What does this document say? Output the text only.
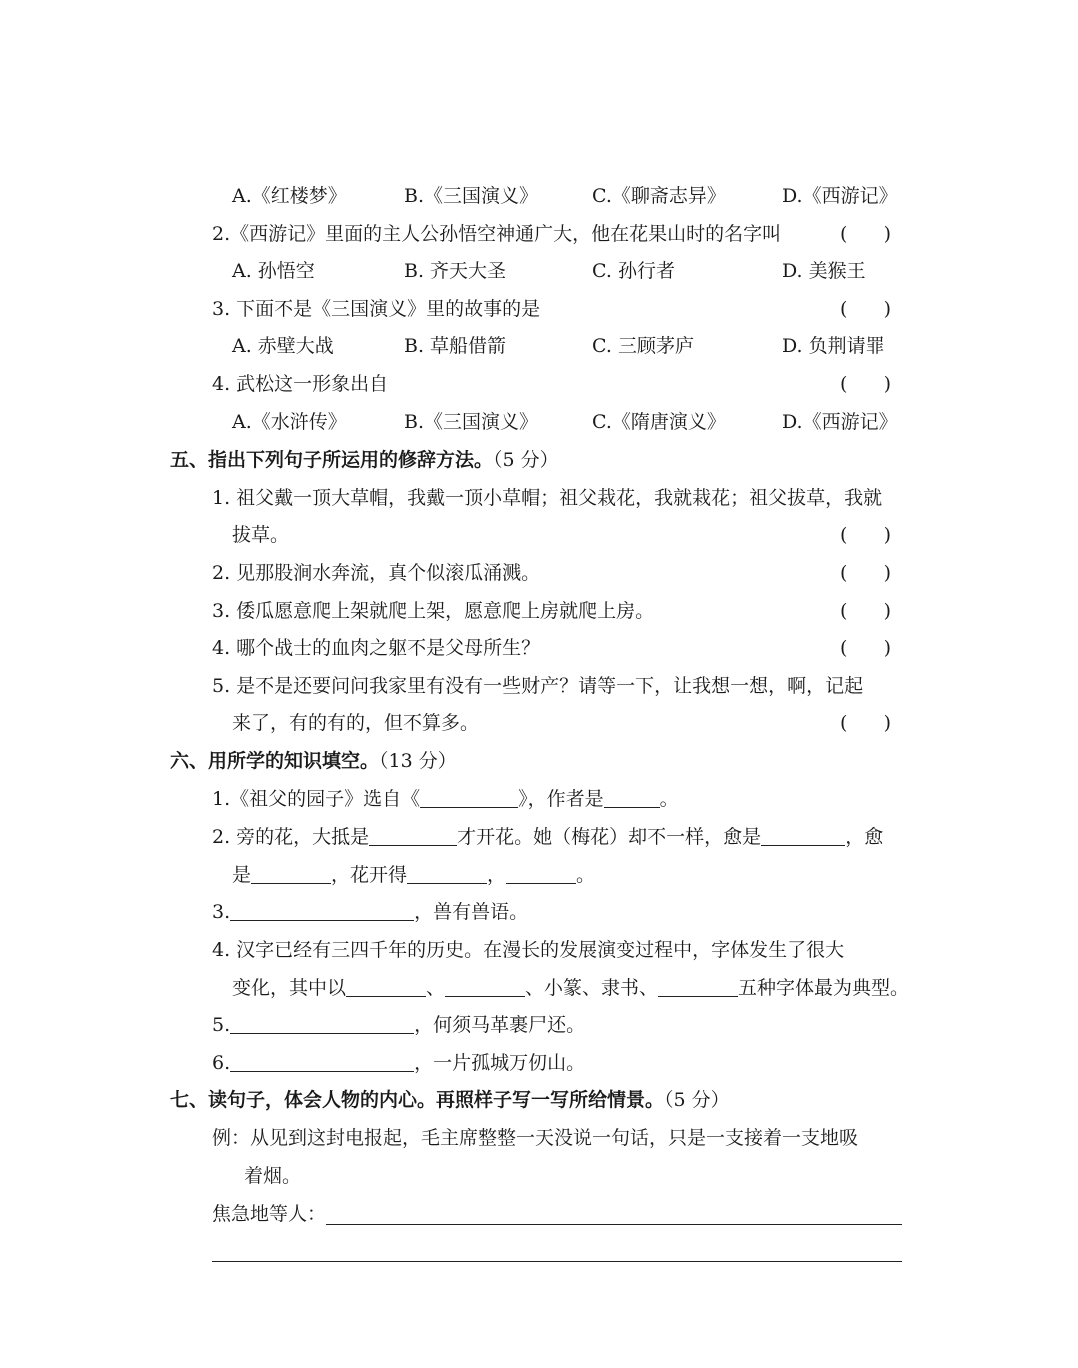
A.《红楼梦》	B.《三国演义》	C.《聊斋志异》	D.《西游记》
2.《西游记》里面的主人公孙悟空神通广大，他在花果山时的名字叫	(      )
A. 孙悟空	B. 齐天大圣	C. 孙行者	D. 美猴王
3. 下面不是《三国演义》里的故事的是	(      )
A. 赤壁大战	B. 草船借箭	C. 三顾茅庐	D. 负荆请罪
4. 武松这一形象出自	(      )
A.《水浒传》	B.《三国演义》	C.《隋唐演义》	D.《西游记》
五、指出下列句子所运用的修辞方法。（5 分）
1. 祖父戴一顶大草帽，我戴一顶小草帽；祖父栽花，我就栽花；祖父拔草，我就
拔草。	(      )
2. 见那股涧水奔流，真个似滚瓜涌溅。	(      )
3. 倭瓜愿意爬上架就爬上架，愿意爬上房就爬上房。	(      )
4. 哪个战士的血肉之躯不是父母所生？	(      )
5. 是不是还要问问我家里有没有一些财产？请等一下，让我想一想，啊，记起
来了，有的有的，但不算多。	(      )
六、用所学的知识填空。（13 分）
1.《祖父的园子》选自《	》，作者是	。
2. 旁的花，大抵是	才开花。她（梅花）却不一样，愈是	，愈
是	，花开得	，	。
3.	，兽有兽语。
4. 汉字已经有三四千年的历史。在漫长的发展演变过程中，字体发生了很大
变化，其中以	、	、小篆、隶书、	五种字体最为典型。
5.	，何须马革裹尸还。
6.	，一片孤城万仞山。
七、读句子，体会人物的内心。再照样子写一写所给情景。（5 分）
例：从见到这封电报起，毛主席整整一天没说一句话，只是一支接着一支地吸
着烟。
焦急地等人：
